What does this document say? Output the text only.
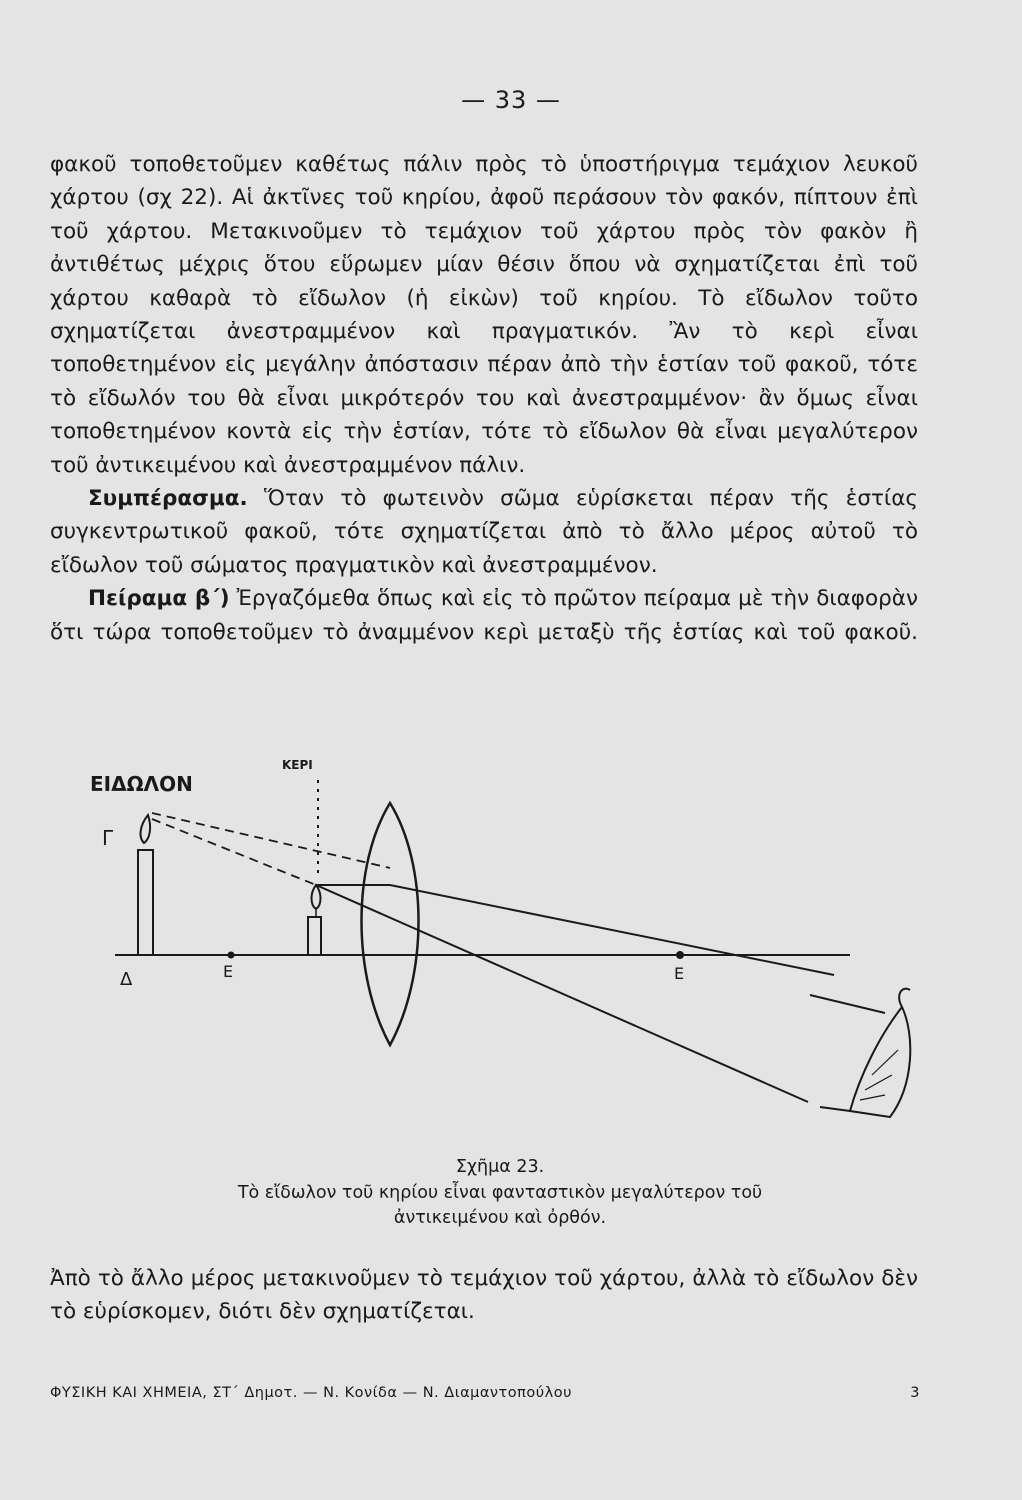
— 33 —

φακοῦ τοποθετοῦμεν καθέτως πάλιν πρὸς τὸ ὑποστήριγμα τεμάχιον λευκοῦ χάρτου (σχ 22). Αἱ ἀκτῖνες τοῦ κηρίου, ἀφοῦ περάσουν τὸν φακόν, πίπτουν ἐπὶ τοῦ χάρτου. Μετακινοῦμεν τὸ τεμάχιον τοῦ χάρτου πρὸς τὸν φακὸν ἢ ἀντιθέτως μέχρις ὅτου εὕρωμεν μίαν θέσιν ὅπου νὰ σχηματίζεται ἐπὶ τοῦ χάρτου καθαρὰ τὸ εἴδωλον (ἡ εἰκὼν) τοῦ κηρίου. Τὸ εἴδωλον τοῦτο σχηματίζεται ἀνεστραμμένον καὶ πραγματικόν. Ἂν τὸ κερὶ εἶναι τοποθετημένον εἰς μεγάλην ἀπόστασιν πέραν ἀπὸ τὴν ἑστίαν τοῦ φακοῦ, τότε τὸ εἴδωλόν του θὰ εἶναι μικρότερόν του καὶ ἀνεστραμμένον· ἂν ὅμως εἶναι τοποθετημένον κοντὰ εἰς τὴν ἑστίαν, τότε τὸ εἴδωλον θὰ εἶναι μεγαλύτερον τοῦ ἀντικειμένου καὶ ἀνεστραμμένον πάλιν.

Συμπέρασμα. Ὅταν τὸ φωτεινὸν σῶμα εὑρίσκεται πέραν τῆς ἑστίας συγκεντρωτικοῦ φακοῦ, τότε σχηματίζεται ἀπὸ τὸ ἄλλο μέρος αὐτοῦ τὸ εἴδωλον τοῦ σώματος πραγματικὸν καὶ ἀνεστραμμένον.

Πείραμα β΄) Ἐργαζόμεθα ὅπως καὶ εἰς τὸ πρῶτον πείραμα μὲ τὴν διαφορὰν ὅτι τώρα τοποθετοῦμεν τὸ ἀναμμένον κερὶ μεταξὺ τῆς ἑστίας καὶ τοῦ φακοῦ.

ΕΙΔΩΛΟΝ
ΚΕΡΙ
Γ
Δ	Ε	Ε
Σχῆμα 23.
Τὸ εἴδωλον τοῦ κηρίου εἶναι φανταστικὸν μεγαλύτερον τοῦ ἀντικειμένου καὶ ὀρθόν.

Ἀπὸ τὸ ἄλλο μέρος μετακινοῦμεν τὸ τεμάχιον τοῦ χάρτου, ἀλλὰ τὸ εἴδωλον δὲν τὸ εὑρίσκομεν, διότι δὲν σχηματίζεται.

ΦΥΣΙΚΗ ΚΑΙ ΧΗΜΕΙΑ, ΣΤ΄ Δημοτ. — Ν. Κονίδα — Ν. Διαμαντοπούλου	3
